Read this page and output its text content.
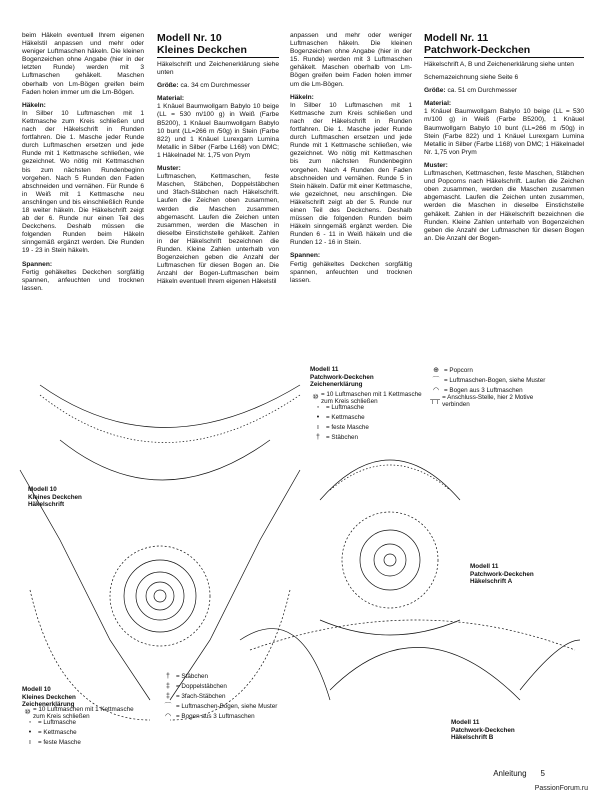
beim Häkeln eventuell Ihrem eigenen Häkelstil anpassen und mehr oder weniger Luftmaschen häkeln. Die kleinen Bogenzeichen ohne Angabe (hier in der letzten Runde) werden mit 3 Luftmaschen gehäkelt. Maschen oberhalb von Lm-Bögen greifen beim Faden holen immer um die Lm-Bögen.

Häkeln:

In Silber 10 Luftmaschen mit 1 Kettmasche zum Kreis schließen und nach der Häkelschrift in Runden fortfahren. Die 1. Masche jeder Runde durch Luftmaschen ersetzen und jede Runde mit 1 Kettmasche schließen, wie gezeichnet. Wo nötig mit Kettmaschen bis zum nächsten Rundenbeginn vorgehen. Nach 5 Runden den Faden abschneiden und vernähen. Für Runde 6 in Weiß mit 1 Kettmasche neu anschlingen und bis einschließlich Runde 18 weiter häkeln. Die Häkelschrift zeigt ab der 6. Runde nur einen Teil des Deckchens. Deshalb müssen die folgenden Runden beim Häkeln sinngemäß ergänzt werden. Die Runden 19 - 23 in Stein häkeln.

Spannen:

Fertig gehäkeltes Deckchen sorgfältig spannen, anfeuchten und trocknen lassen.

Modell Nr. 10
Kleines Deckchen

Häkelschrift und Zeichenerklärung siehe unten

Größe: ca. 34 cm Durchmesser

Material:

1 Knäuel Baumwollgarn Babylo 10 beige (LL = 530 m/100 g) in Weiß (Farbe B5200), 1 Knäuel Baumwollgarn Babylo 10 bunt (LL=266 m /50g) in Stein (Farbe 822) und 1 Knäuel Lurexgarn Lumina Metallic in Silber (Farbe L168) von DMC; 1 Häkelnadel Nr. 1,75 von Prym

Muster:

Luftmaschen, Kettmaschen, feste Maschen, Stäbchen, Doppelstäbchen und 3fach-Stäbchen nach Häkelschrift. Laufen die Zeichen oben zusammen, werden die Maschen zusammen abgemascht. Laufen die Zeichen unten zusammen, werden die Maschen in dieselbe Einstichstelle gehäkelt. Zahlen in der Häkelschrift bezeichnen die Runden. Kleine Zahlen unterhalb von Bogenzeichen geben die Anzahl der Luftmaschen für diesen Bogen an. Die Anzahl der Bogen-Luftmaschen beim Häkeln eventuell Ihrem eigenen Häkelstil

anpassen und mehr oder weniger Luftmaschen häkeln. Die kleinen Bogenzeichen ohne Angabe (hier in der 15. Runde) werden mit 3 Luftmaschen gehäkelt. Maschen oberhalb von Lm-Bögen greifen beim Faden holen immer um die Lm-Bögen.

Häkeln:

In Silber 10 Luftmaschen mit 1 Kettmasche zum Kreis schließen und nach der Häkelschrift in Runden fortfahren. Die 1. Masche jeder Runde durch Luftmaschen ersetzen und jede Runde mit 1 Kettmasche schließen, wie gezeichnet. Wo nötig mit Kettmaschen bis zum nächsten Rundenbeginn vorgehen. Nach 4 Runden den Faden abschneiden und vernähen. Runde 5 in Stein häkeln. Dafür mit einer Kettmasche, wie gezeichnet, neu anschlingen. Die Häkelschrift zeigt ab der 5. Runde nur einen Teil des Deckchens. Deshalb müssen die folgenden Runden beim Häkeln sinngemäß ergänzt werden. Die Runden 6 - 11 in Weiß häkeln und die Runden 12 - 16 in Stein.

Spannen:

Fertig gehäkeltes Deckchen sorgfältig spannen, anfeuchten und trocknen lassen.

Modell Nr. 11
Patchwork-Deckchen

Häkelschrift A, B und Zeichenerklärung siehe unten

Schemazeichnung siehe Seite 6

Größe: ca. 51 cm Durchmesser

Material:

1 Knäuel Baumwollgarn Babylo 10 beige (LL = 530 m/100 g) in Weiß (Farbe B5200), 1 Knäuel Baumwollgarn Babylo 10 bunt (LL=266 m /50g) in Stein (Farbe 822) und 1 Knäuel Lurexgarn Lumina Metallic in Silber (Farbe L168) von DMC; 1 Häkelnadel Nr. 1,75 von Prym

Muster:

Luftmaschen, Kettmaschen, feste Maschen, Stäbchen und Popcorns nach Häkelschrift. Laufen die Zeichen oben zusammen, werden die Maschen zusammen abgemascht. Laufen die Zeichen unten zusammen, werden die Maschen in dieselbe Einstichstelle gehäkelt. Zahlen in der Häkelschrift bezeichnen die Runden. Kleine Zahlen unterhalb von Bogenzeichen geben die Anzahl der Luftmaschen für diesen Bogen an. Die Anzahl der Bogen-

Modell 10
Kleines Deckchen
Häkelschrift
Modell 11
Patchwork-Deckchen
Zeichenerklärung
Modell 11
Patchwork-Deckchen
Häkelschrift A
Modell 11
Patchwork-Deckchen
Häkelschrift B
Modell 10
Kleines Deckchen
Zeichenerklärung
⑩
= 10 Luftmaschen mit 1 Kettmasche zum Kreis schließen
◦	= Luftmasche
•	= Kettmasche
ı	= feste Masche
† = Stäbchen
⊕ = Popcorn
⌒ = Luftmaschen-Bogen, siehe Muster
◠ = Bogen aus 3 Luftmaschen
┬┬
= Anschluss-Stelle, hier 2 Motive verbinden
⑩
= 10 Luftmaschen mit 1 Kettmasche zum Kreis schließen
◦	= Luftmasche
•	= Kettmasche
ı	= feste Masche
† = Stäbchen
‡ = Doppelstäbchen
‡ = 3fach-Stäbchen
⌒ = Luftmaschen-Bogen, siehe Muster
◠ = Bogen aus 3 Luftmaschen
Anleitung 5
PassionForum.ru
